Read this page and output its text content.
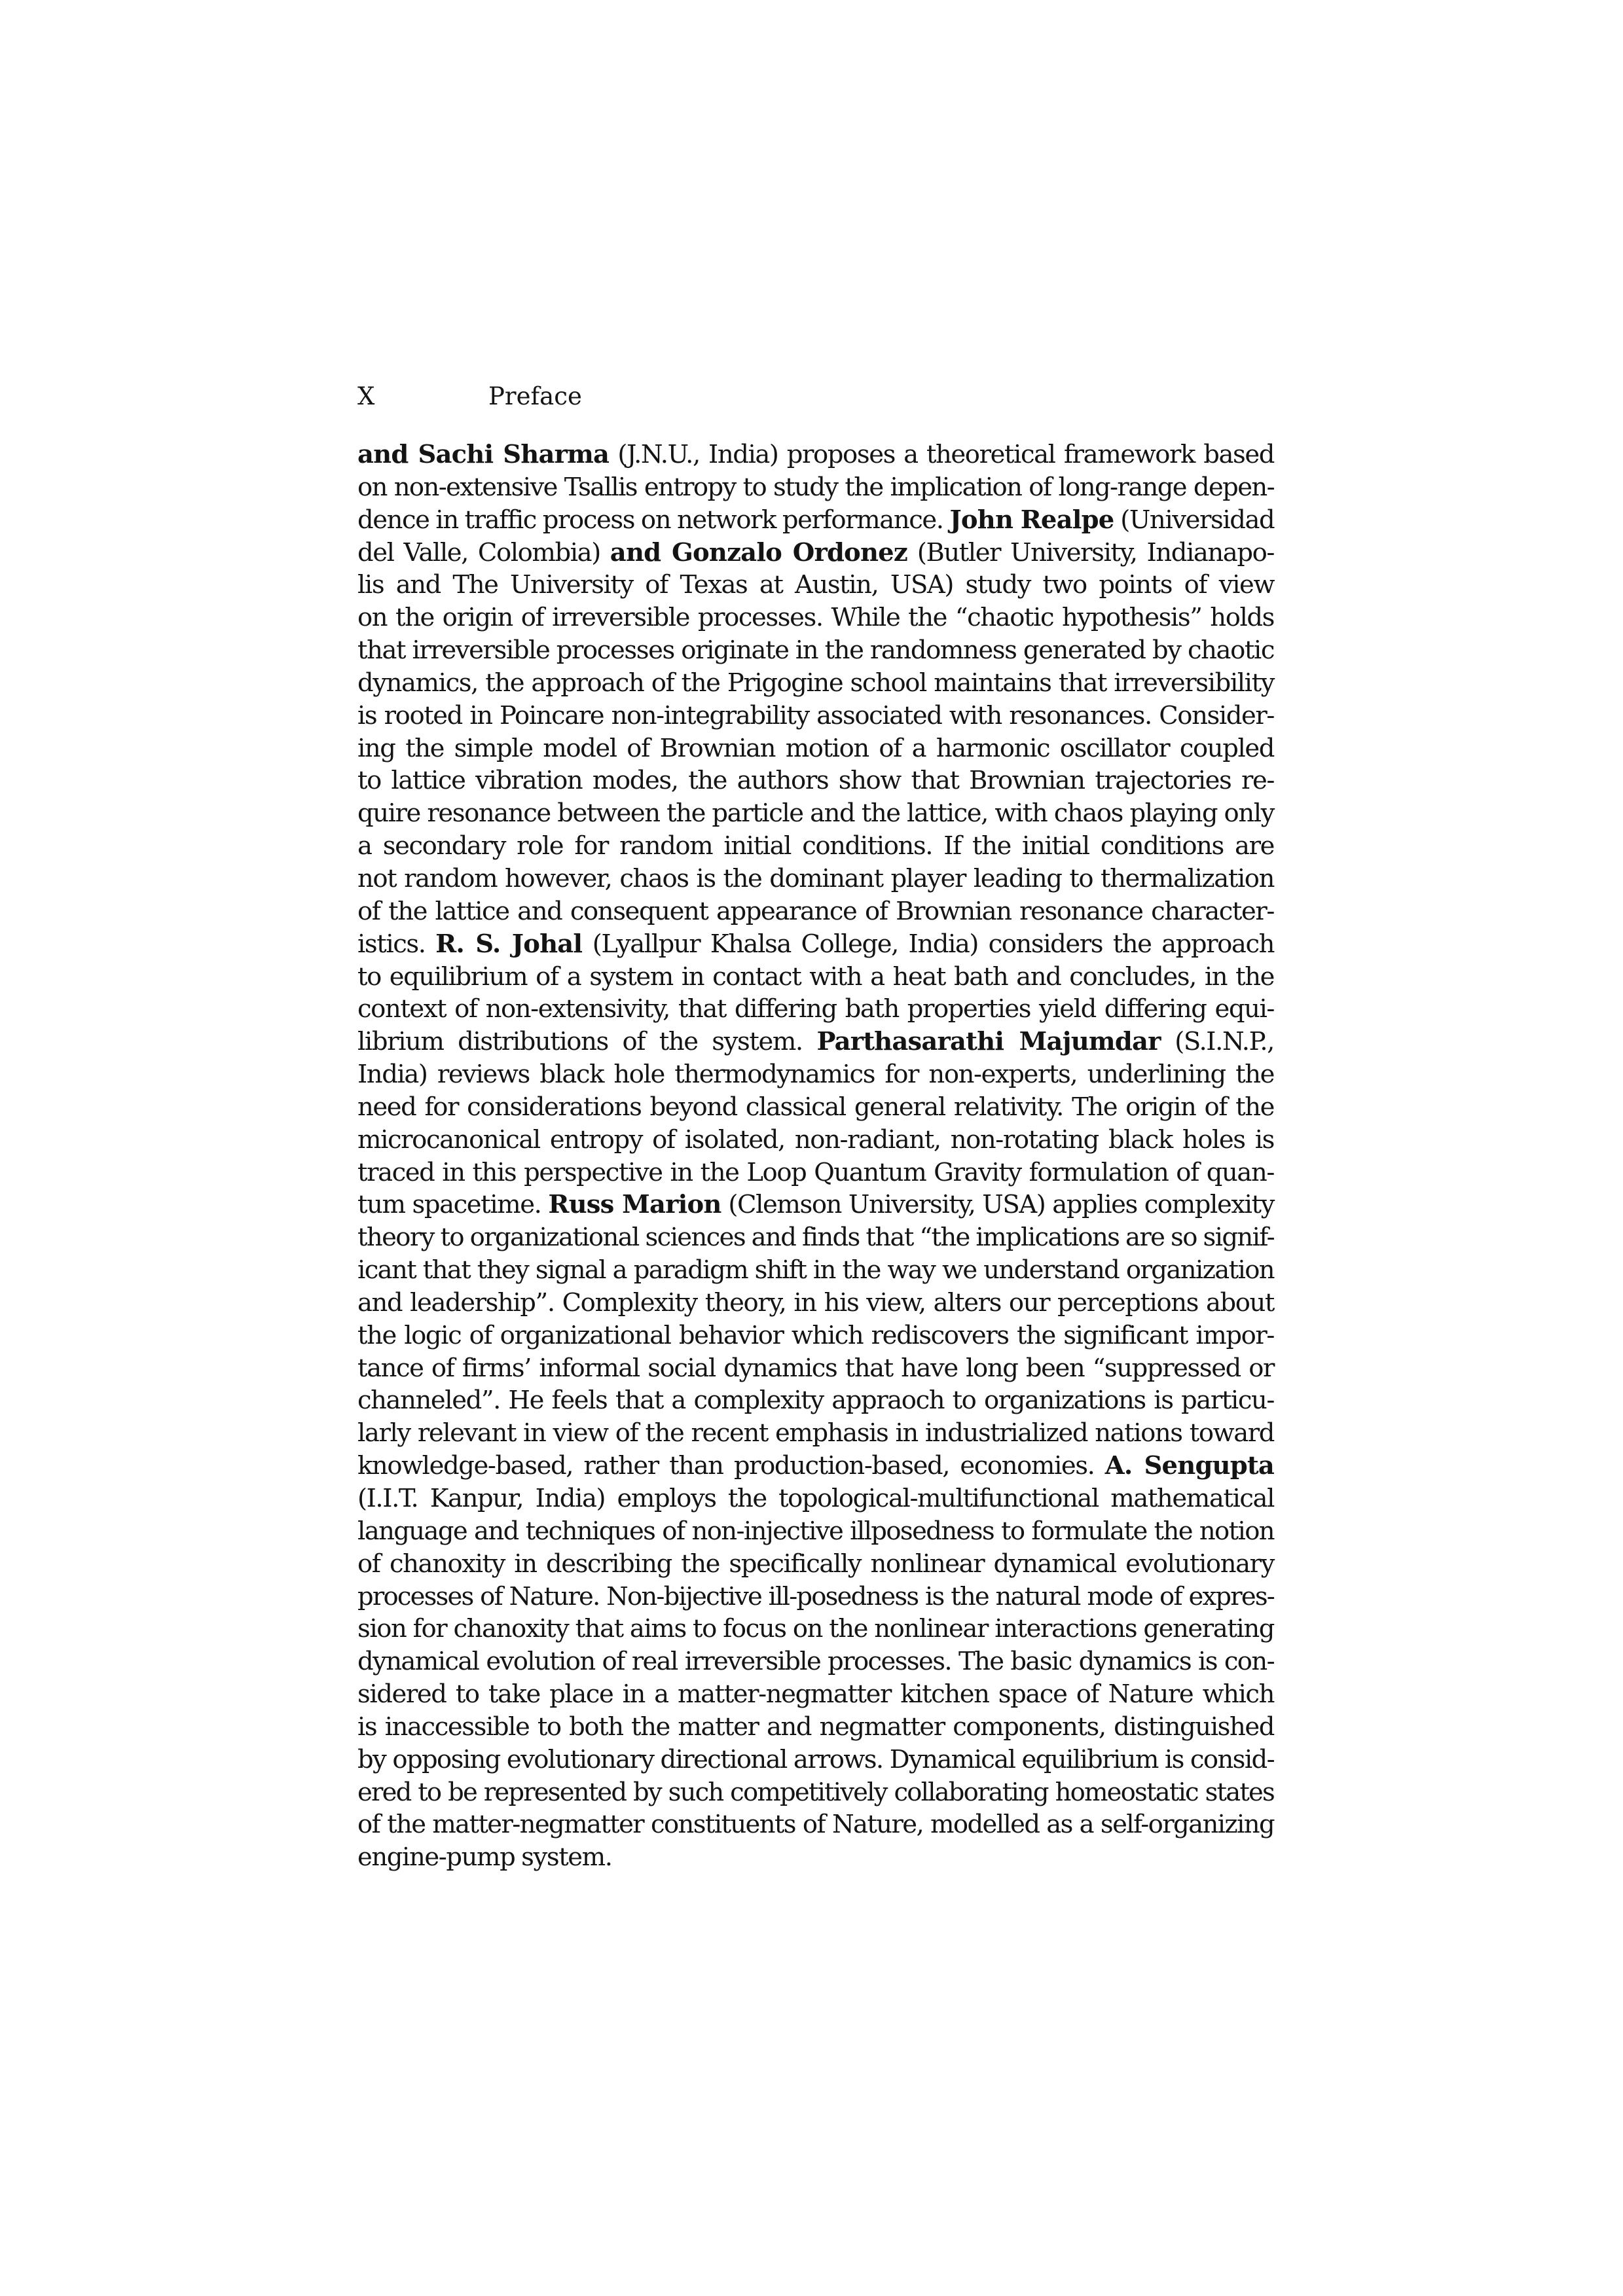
X	Preface
and Sachi Sharma (J.N.U., India) proposes a theoretical framework based
on non-extensive Tsallis entropy to study the implication of long-range depen-
dence in traffic process on network performance. John Realpe (Universidad
del Valle, Colombia) and Gonzalo Ordonez (Butler University, Indianapo-
lis and The University of Texas at Austin, USA) study two points of view
on the origin of irreversible processes. While the “chaotic hypothesis” holds
that irreversible processes originate in the randomness generated by chaotic
dynamics, the approach of the Prigogine school maintains that irreversibility
is rooted in Poincare non-integrability associated with resonances. Consider-
ing the simple model of Brownian motion of a harmonic oscillator coupled
to lattice vibration modes, the authors show that Brownian trajectories re-
quire resonance between the particle and the lattice, with chaos playing only
a secondary role for random initial conditions. If the initial conditions are
not random however, chaos is the dominant player leading to thermalization
of the lattice and consequent appearance of Brownian resonance character-
istics. R. S. Johal (Lyallpur Khalsa College, India) considers the approach
to equilibrium of a system in contact with a heat bath and concludes, in the
context of non-extensivity, that differing bath properties yield differing equi-
librium distributions of the system. Parthasarathi Majumdar (S.I.N.P.,
India) reviews black hole thermodynamics for non-experts, underlining the
need for considerations beyond classical general relativity. The origin of the
microcanonical entropy of isolated, non-radiant, non-rotating black holes is
traced in this perspective in the Loop Quantum Gravity formulation of quan-
tum spacetime. Russ Marion (Clemson University, USA) applies complexity
theory to organizational sciences and finds that “the implications are so signif-
icant that they signal a paradigm shift in the way we understand organization
and leadership”. Complexity theory, in his view, alters our perceptions about
the logic of organizational behavior which rediscovers the significant impor-
tance of firms’ informal social dynamics that have long been “suppressed or
channeled”. He feels that a complexity appraoch to organizations is particu-
larly relevant in view of the recent emphasis in industrialized nations toward
knowledge-based, rather than production-based, economies. A. Sengupta
(I.I.T. Kanpur, India) employs the topological-multifunctional mathematical
language and techniques of non-injective illposedness to formulate the notion
of chanoxity in describing the specifically nonlinear dynamical evolutionary
processes of Nature. Non-bijective ill-posedness is the natural mode of expres-
sion for chanoxity that aims to focus on the nonlinear interactions generating
dynamical evolution of real irreversible processes. The basic dynamics is con-
sidered to take place in a matter-negmatter kitchen space of Nature which
is inaccessible to both the matter and negmatter components, distinguished
by opposing evolutionary directional arrows. Dynamical equilibrium is consid-
ered to be represented by such competitively collaborating homeostatic states
of the matter-negmatter constituents of Nature, modelled as a self-organizing
engine-pump system.
